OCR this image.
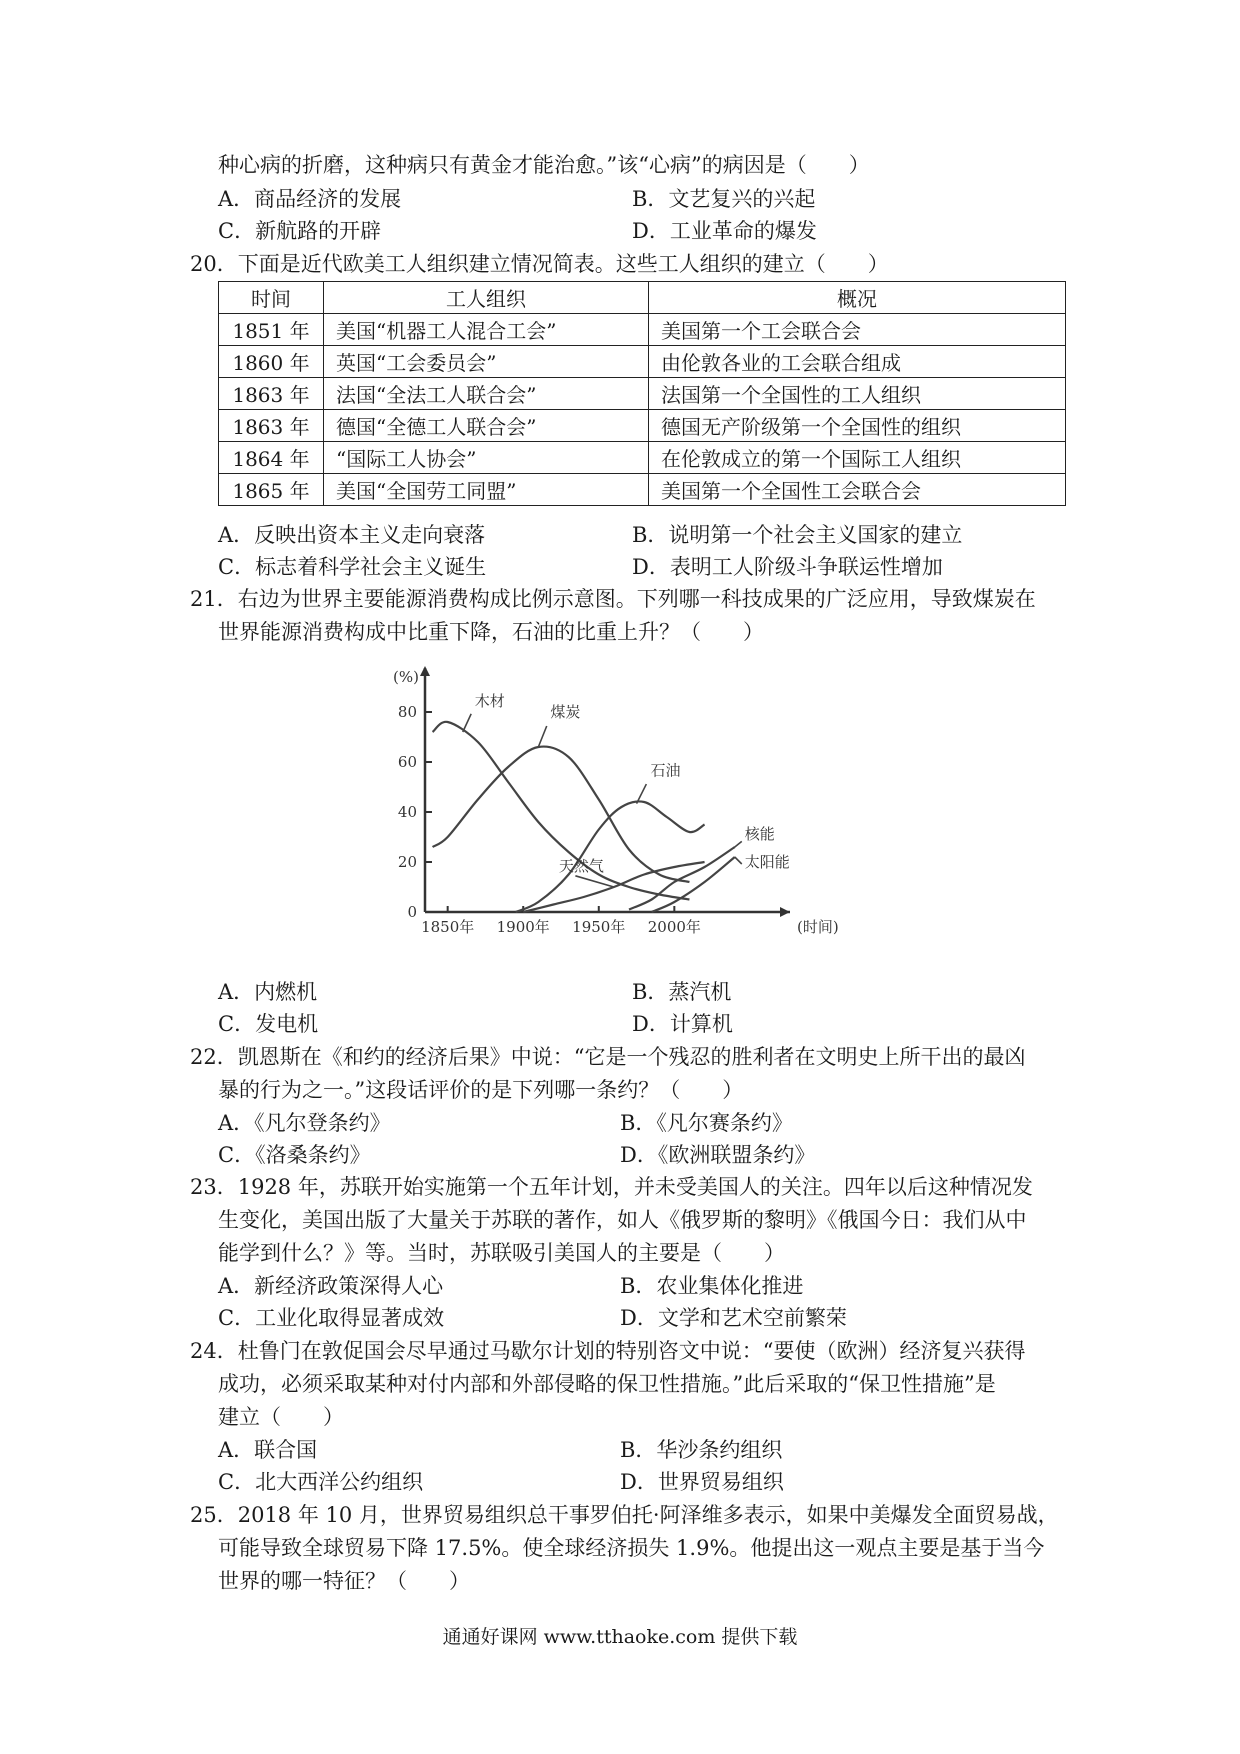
种心病的折磨，这种病只有黄金才能治愈。”该“心病”的病因是（　　）
A．商品经济的发展	B．文艺复兴的兴起
C．新航路的开辟	D．工业革命的爆发
20．下面是近代欧美工人组织建立情况简表。这些工人组织的建立（　　）
时间	工人组织	概况
1851 年	美国“机器工人混合工会”	美国第一个工会联合会
1860 年	英国“工会委员会”	由伦敦各业的工会联合组成
1863 年	法国“全法工人联合会”	法国第一个全国性的工人组织
1863 年	德国“全德工人联合会”	德国无产阶级第一个全国性的组织
1864 年	“国际工人协会”	在伦敦成立的第一个国际工人组织
1865 年	美国“全国劳工同盟”	美国第一个全国性工会联合会
A．反映出资本主义走向衰落	B．说明第一个社会主义国家的建立
C．标志着科学社会主义诞生	D．表明工人阶级斗争联运性增加
21．右边为世界主要能源消费构成比例示意图。下列哪一科技成果的广泛应用，导致煤炭在
世界能源消费构成中比重下降，石油的比重上升？（　　）
(%)
(时间)
0
20
40
60
80
1850年 1900年 1950年 2000年
木材
煤炭
石油
天然气
核能
太阳能
A．内燃机	B．蒸汽机
C．发电机	D．计算机
22．凯恩斯在《和约的经济后果》中说：“它是一个残忍的胜利者在文明史上所干出的最凶
暴的行为之一。”这段话评价的是下列哪一条约？（　　）
A．《凡尔登条约》	B．《凡尔赛条约》
C．《洛桑条约》	D．《欧洲联盟条约》
23．1928 年，苏联开始实施第一个五年计划，并未受美国人的关注。四年以后这种情况发
生变化，美国出版了大量关于苏联的著作，如人《俄罗斯的黎明》《俄国今日：我们从中
能学到什么？》等。当时，苏联吸引美国人的主要是（　　）
A．新经济政策深得人心	B．农业集体化推进
C．工业化取得显著成效	D．文学和艺术空前繁荣
24．杜鲁门在敦促国会尽早通过马歇尔计划的特别咨文中说：“要使（欧洲）经济复兴获得
成功，必须采取某种对付内部和外部侵略的保卫性措施。”此后采取的“保卫性措施”是
建立（　　）
A．联合国	B．华沙条约组织
C．北大西洋公约组织	D．世界贸易组织
25．2018 年 10 月，世界贸易组织总干事罗伯托·阿泽维多表示，如果中美爆发全面贸易战，
可能导致全球贸易下降 17.5%。使全球经济损失 1.9%。他提出这一观点主要是基于当今
世界的哪一特征？（　　）
通通好课网 www.tthaoke.com 提供下载
